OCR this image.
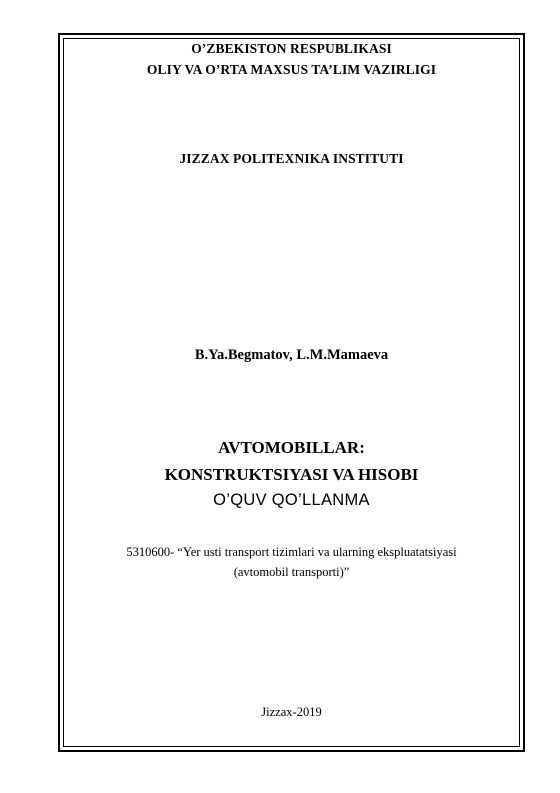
O’ZBEKISTON RESPUBLIKASI
OLIY VA O’RTA MAXSUS TA’LIM VAZIRLIGI
JIZZAX POLITEXNIKA INSTITUTI
B.Ya.Begmatov, L.M.Mamaeva
AVTOMOBILLAR:
KONSTRUKTSIYASI VA HISOBI
O’QUV QO’LLANMA
5310600- “Yer usti transport tizimlari va ularning ekspluatatsiyasi
(avtomobil transporti)”
Jizzax-2019
